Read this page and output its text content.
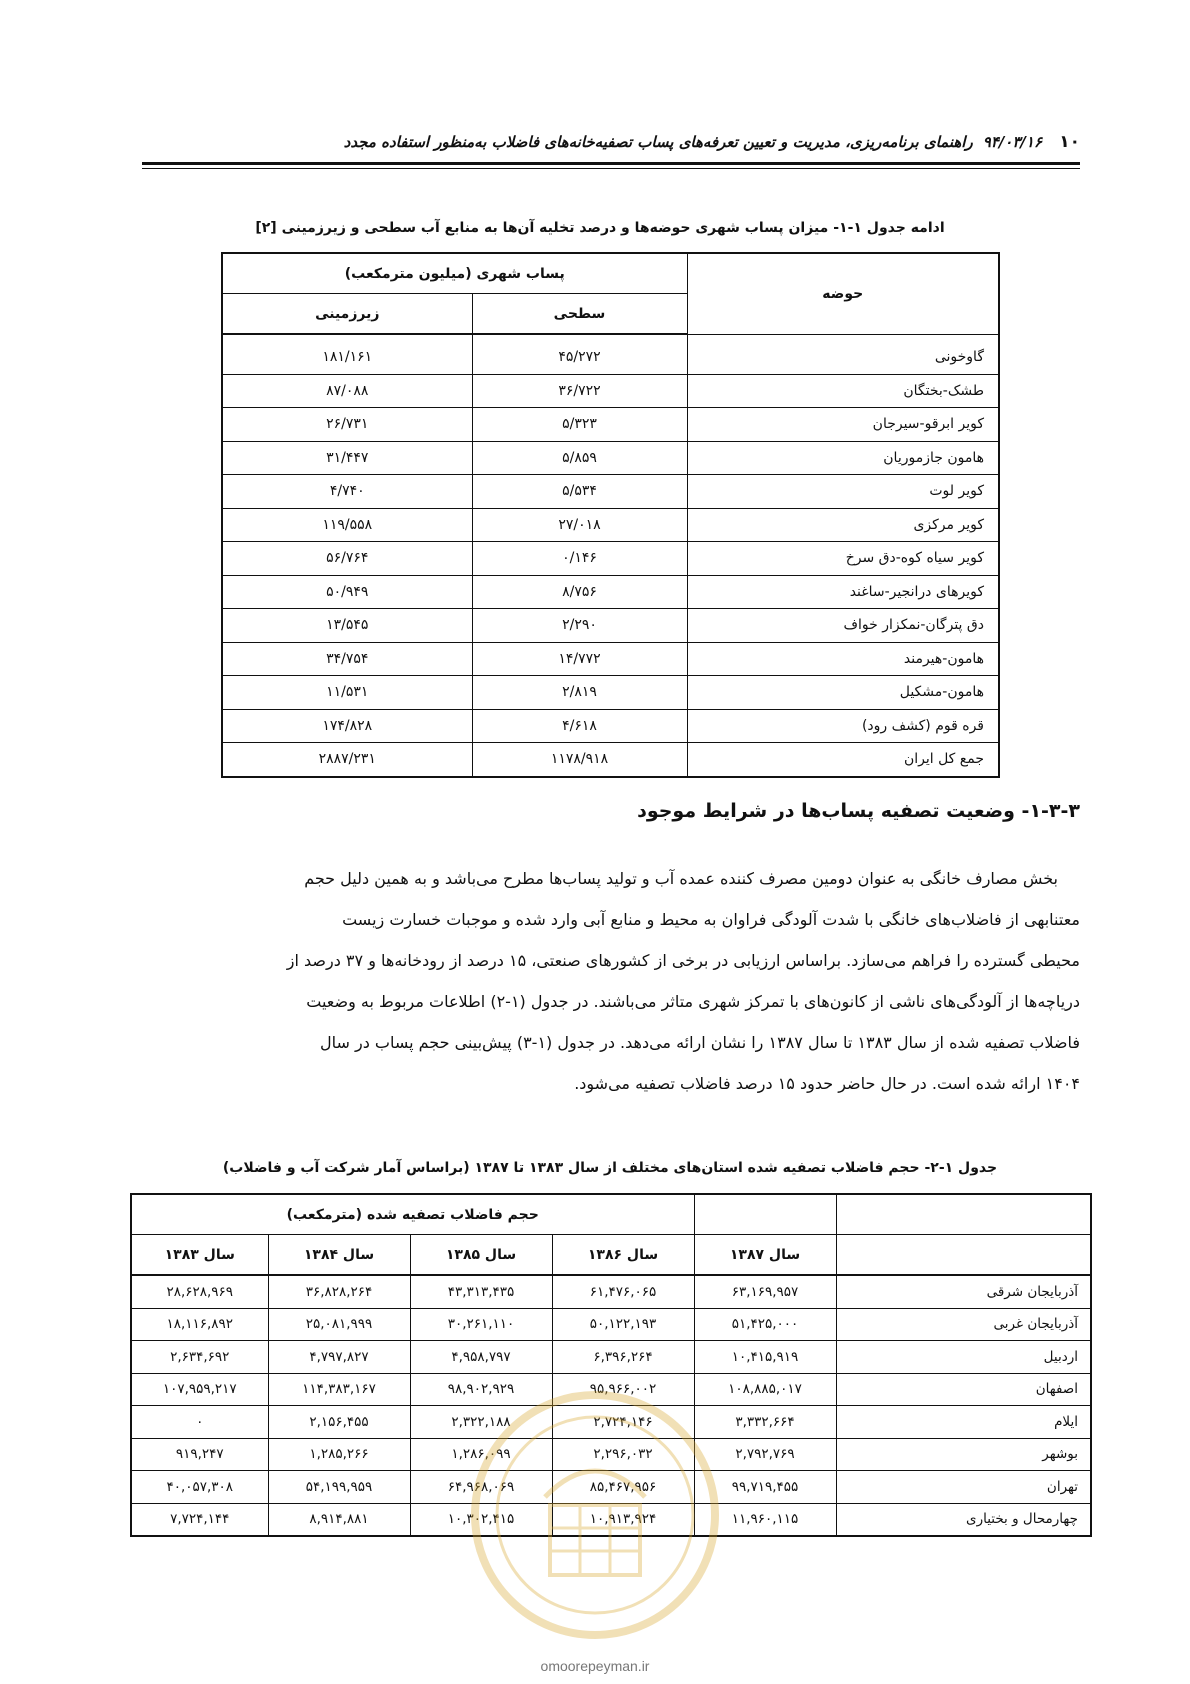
۱۰
۹۴/۰۳/۱۶راهنمای برنامه‌ریزی، مدیریت و تعیین تعرفه‌های پساب تصفیه‌خانه‌های فاضلاب به‌منظور استفاده مجدد
ادامه جدول ۱-۱- میزان پساب شهری حوضه‌ها و درصد تخلیه آن‌ها به منابع آب سطحی و زیرزمینی [۲]
حوضه	پساب شهری (میلیون مترمکعب)	
	سطحی	زیرزمینی
گاوخونی	۴۵/۲۷۲	۱۸۱/۱۶۱
طشک-بختگان	۳۶/۷۲۲	۸۷/۰۸۸
کویر ابرقو-سیرجان	۵/۳۲۳	۲۶/۷۳۱
هامون جازموریان	۵/۸۵۹	۳۱/۴۴۷
کویر لوت	۵/۵۳۴	۴/۷۴۰
کویر مرکزی	۲۷/۰۱۸	۱۱۹/۵۵۸
کویر سیاه کوه-دق سرخ	۰/۱۴۶	۵۶/۷۶۴
کویرهای درانجیر-ساغند	۸/۷۵۶	۵۰/۹۴۹
دق پترگان-نمکزار خواف	۲/۲۹۰	۱۳/۵۴۵
هامون-هیرمند	۱۴/۷۷۲	۳۴/۷۵۴
هامون-مشکیل	۲/۸۱۹	۱۱/۵۳۱
قره قوم (کشف رود)	۴/۶۱۸	۱۷۴/۸۲۸
جمع کل ایران	۱۱۷۸/۹۱۸	۲۸۸۷/۲۳۱
۱-۳-۳- وضعیت تصفیه پساب‌ها در شرایط موجود
بخش مصارف خانگی به عنوان دومین مصرف کننده عمده آب و تولید پساب‌ها مطرح می‌باشد و به همین دلیل حجم
معتنابهی از فاضلاب‌های خانگی با شدت آلودگی فراوان به محیط و منابع آبی وارد شده و موجبات خسارت زیست
محیطی گسترده را فراهم می‌سازد. براساس ارزیابی در برخی از کشورهای صنعتی، ۱۵ درصد از رودخانه‌ها و ۳۷ درصد از
دریاچه‌ها از آلودگی‌های ناشی از کانون‌های با تمرکز شهری متاثر می‌باشند. در جدول (۱-۲) اطلاعات مربوط به وضعیت
فاضلاب تصفیه شده از سال ۱۳۸۳ تا سال ۱۳۸۷ را نشان ارائه می‌دهد. در جدول (۱-۳) پیش‌بینی حجم پساب در سال
۱۴۰۴ ارائه شده است. در حال حاضر حدود ۱۵ درصد فاضلاب تصفیه می‌شود.
جدول ۱-۲- حجم فاضلاب تصفیه شده استان‌های مختلف از سال ۱۳۸۳ تا ۱۳۸۷ (براساس آمار شرکت آب و فاضلاب)
		حجم فاضلاب تصفیه شده (مترمکعب)			
	سال ۱۳۸۷	سال ۱۳۸۶	سال ۱۳۸۵	سال ۱۳۸۴	سال ۱۳۸۳
آذربایجان شرقی	۶۳,۱۶۹,۹۵۷	۶۱,۴۷۶,۰۶۵	۴۳,۳۱۳,۴۳۵	۳۶,۸۲۸,۲۶۴	۲۸,۶۲۸,۹۶۹
آذربایجان غربی	۵۱,۴۲۵,۰۰۰	۵۰,۱۲۲,۱۹۳	۳۰,۲۶۱,۱۱۰	۲۵,۰۸۱,۹۹۹	۱۸,۱۱۶,۸۹۲
اردبیل	۱۰,۴۱۵,۹۱۹	۶,۳۹۶,۲۶۴	۴,۹۵۸,۷۹۷	۴,۷۹۷,۸۲۷	۲,۶۳۴,۶۹۲
اصفهان	۱۰۸,۸۸۵,۰۱۷	۹۵,۹۶۶,۰۰۲	۹۸,۹۰۲,۹۲۹	۱۱۴,۳۸۳,۱۶۷	۱۰۷,۹۵۹,۲۱۷
ایلام	۳,۳۳۲,۶۶۴	۲,۷۲۴,۱۴۶	۲,۳۲۲,۱۸۸	۲,۱۵۶,۴۵۵	۰
بوشهر	۲,۷۹۲,۷۶۹	۲,۲۹۶,۰۳۲	۱,۲۸۶,۰۹۹	۱,۲۸۵,۲۶۶	۹۱۹,۲۴۷
تهران	۹۹,۷۱۹,۴۵۵	۸۵,۴۶۷,۹۵۶	۶۴,۹۶۸,۰۶۹	۵۴,۱۹۹,۹۵۹	۴۰,۰۵۷,۳۰۸
چهارمحال و بختیاری	۱۱,۹۶۰,۱۱۵	۱۰,۹۱۳,۹۲۴	۱۰,۳۰۲,۴۱۵	۸,۹۱۴,۸۸۱	۷,۷۲۴,۱۴۴
omoorepeyman.ir
